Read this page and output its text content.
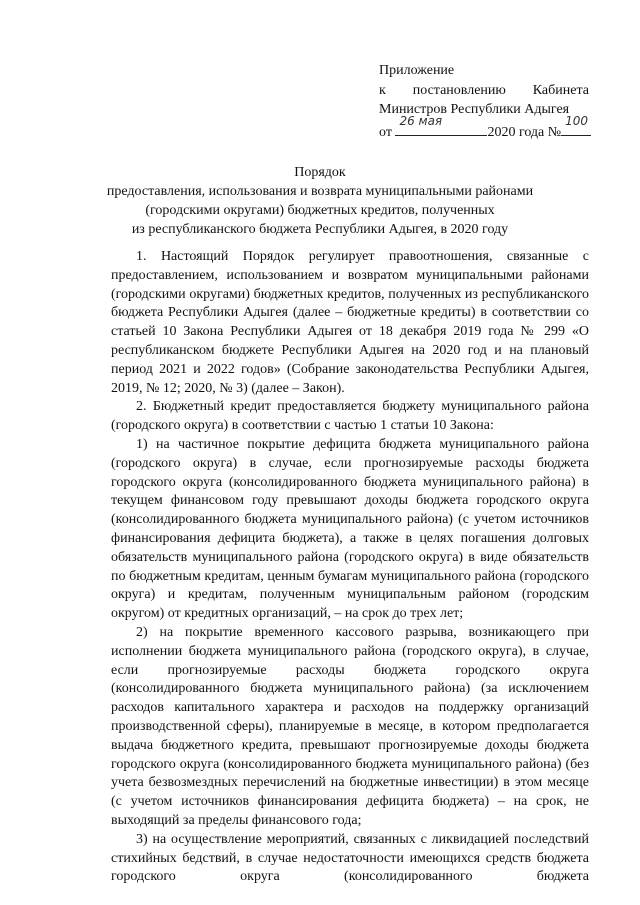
Приложение
к постановлению Кабинета
Министров Республики Адыгея
от
26 мая
2020 года №
100
Порядок
предоставления, использования и возврата муниципальными районами
(городскими округами) бюджетных кредитов, полученных
из республиканского бюджета Республики Адыгея, в 2020 году

1. Настоящий Порядок регулирует правоотношения, связанные с предоставлением, использованием и возвратом муниципальными районами (городскими округами) бюджетных кредитов, полученных из республиканского бюджета Республики Адыгея (далее – бюджетные кредиты) в соответствии со статьей 10 Закона Республики Адыгея от 18 декабря 2019 года № 299 «О республиканском бюджете Республики Адыгея на 2020 год и на плановый период 2021 и 2022 годов» (Собрание законодательства Республики Адыгея, 2019, № 12; 2020, № 3) (далее – Закон).

2. Бюджетный кредит предоставляется бюджету муниципального района (городского округа) в соответствии с частью 1 статьи 10 Закона:

1) на частичное покрытие дефицита бюджета муниципального района (городского округа) в случае, если прогнозируемые расходы бюджета городского округа (консолидированного бюджета муниципального района) в текущем финансовом году превышают доходы бюджета городского округа (консолидированного бюджета муниципального района) (с учетом источников финансирования дефицита бюджета), а также в целях погашения долговых обязательств муниципального района (городского округа) в виде обязательств по бюджетным кредитам, ценным бумагам муниципального района (городского округа) и кредитам, полученным муниципальным районом (городским округом) от кредитных организаций, – на срок до трех лет;

2) на покрытие временного кассового разрыва, возникающего при исполнении бюджета муниципального района (городского округа), в случае, если прогнозируемые расходы бюджета городского округа (консолидированного бюджета муниципального района) (за исключением расходов капитального характера и расходов на поддержку организаций производственной сферы), планируемые в месяце, в котором предполагается выдача бюджетного кредита, превышают прогнозируемые доходы бюджета городского округа (консолидированного бюджета муниципального района) (без учета безвозмездных перечислений на бюджетные инвестиции) в этом месяце (с учетом источников финансирования дефицита бюджета) – на срок, не выходящий за пределы финансового года;

3) на осуществление мероприятий, связанных с ликвидацией последствий стихийных бедствий, в случае недостаточности имеющихся средств бюджета городского округа (консолидированного бюджета
